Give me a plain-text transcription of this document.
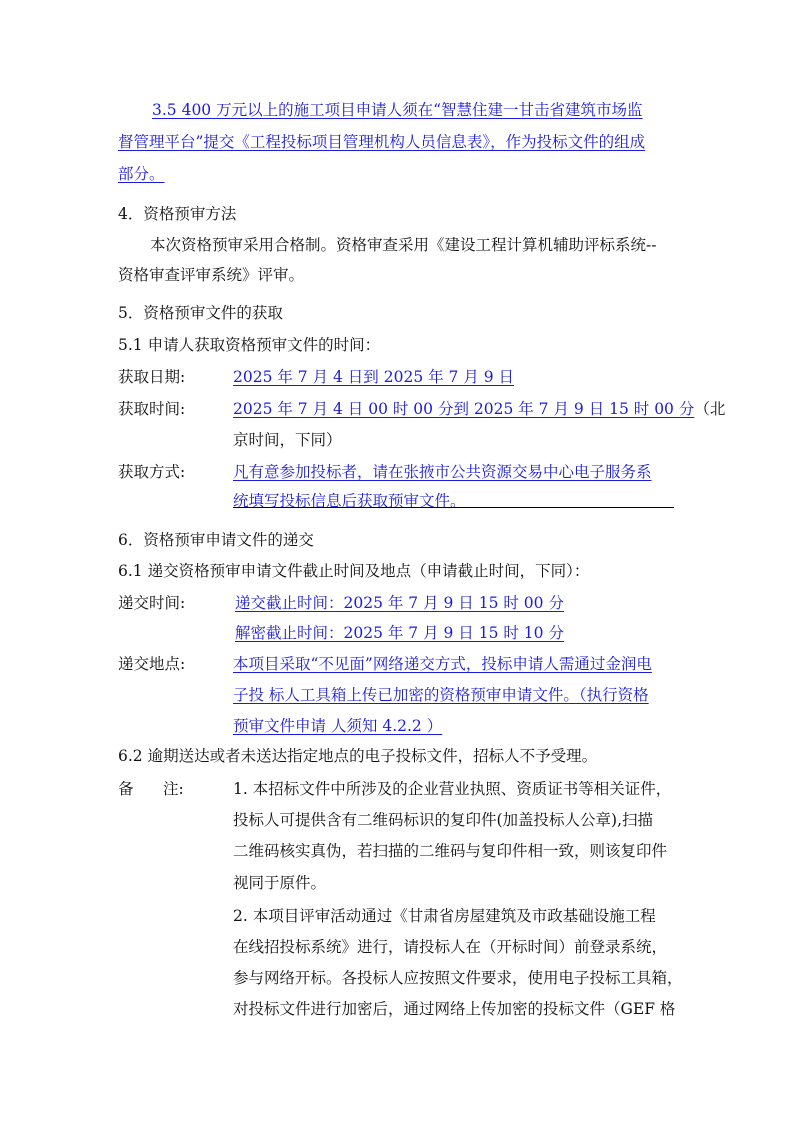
3.5 400 万元以上的施工项目申请人须在“智慧住建一甘击省建筑市场监
督管理平台”提交《工程投标项目管理机构人员信息表》，作为投标文件的组成
部分。
4．资格预审方法
本次资格预审采用合格制。资格审查采用《建设工程计算机辅助评标系统--
资格审查评审系统》评审。
5．资格预审文件的获取
5.1 申请人获取资格预审文件的时间：
获取日期:	2025 年 7 月 4 日到 2025 年 7 月 9 日
获取时间:	2025 年 7 月 4 日 00 时 00 分到 2025 年 7 月 9 日 15 时 00 分（北
京时间，下同）
获取方式:	凡有意参加投标者，请在张掖市公共资源交易中心电子服务系
统填写投标信息后获取预审文件。
6．资格预审申请文件的递交
6.1 递交资格预审申请文件截止时间及地点（申请截止时间，下同）：
递交时间:	递交截止时间：2025 年 7 月 9 日 15 时 00 分
解密截止时间：2025 年 7 月 9 日 15 时 10 分
递交地点:	本项目采取“不见面”网络递交方式，投标申请人需通过金润电
子投 标人工具箱上传已加密的资格预审申请文件。（执行资格
预审文件申请 人须知 4.2.2 ）
6.2 逾期送达或者未送达指定地点的电子投标文件，招标人不予受理。
备      注:	1. 本招标文件中所涉及的企业营业执照、资质证书等相关证件，
投标人可提供含有二维码标识的复印件(加盖投标人公章),扫描
二维码核实真伪，若扫描的二维码与复印件相一致，则该复印件
视同于原件。
2. 本项目评审活动通过《甘肃省房屋建筑及市政基础设施工程
在线招投标系统》进行，请投标人在（开标时间）前登录系统，
参与网络开标。各投标人应按照文件要求，使用电子投标工具箱，
对投标文件进行加密后，通过网络上传加密的投标文件（GEF 格
